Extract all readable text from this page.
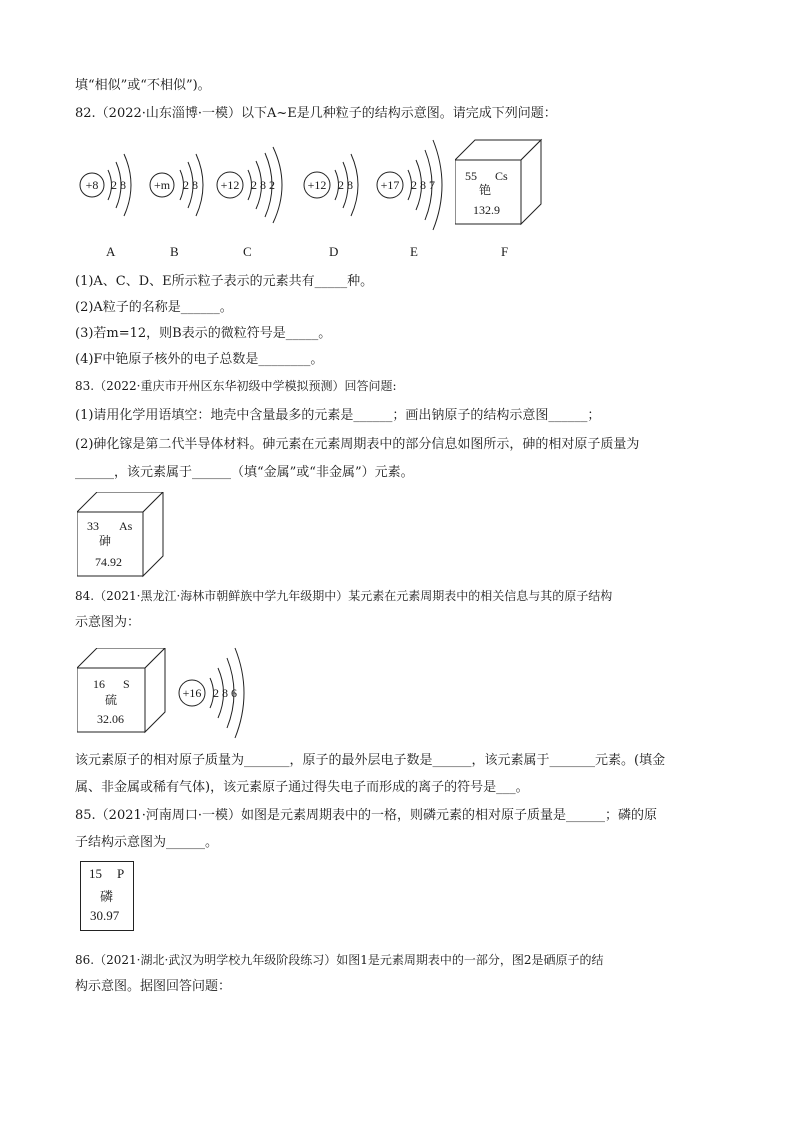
填“相似”或“不相似”)。
82.（2022·山东淄博·一模）以下A~E是几种粒子的结构示意图。请完成下列问题：
+8 2 8 +m 2 8 +12 2 8 2	+12 2 8 +17 2 8 7
55 Cs
铯
132.9
A	B	C	D	E	F
(1)A、C、D、E所示粒子表示的元素共有_____种。
(2)A粒子的名称是______。
(3)若m=12，则B表示的微粒符号是_____。
(4)F中铯原子核外的电子总数是________。
83.（2022·重庆市开州区东华初级中学模拟预测）回答问题:
(1)请用化学用语填空：地壳中含量最多的元素是______；画出钠原子的结构示意图______；
(2)砷化镓是第二代半导体材料。砷元素在元素周期表中的部分信息如图所示，砷的相对原子质量为
______，该元素属于______（填“金属”或“非金属”）元素。
33 As
砷
74.92
84.（2021·黑龙江·海林市朝鲜族中学九年级期中）某元素在元素周期表中的相关信息与其的原子结构
示意图为：
16 S
硫
32.06
+16 2 8 6
该元素原子的相对原子质量为_______，原子的最外层电子数是______，该元素属于_______元素。(填金
属、非金属或稀有气体)，该元素原子通过得失电子而形成的离子的符号是___。
85.（2021·河南周口·一模）如图是元素周期表中的一格，则磷元素的相对原子质量是______；磷的原
子结构示意图为______。
15 P
磷
30.97
86.（2021·湖北·武汉为明学校九年级阶段练习）如图1是元素周期表中的一部分，图2是硒原子的结
构示意图。据图回答问题：
